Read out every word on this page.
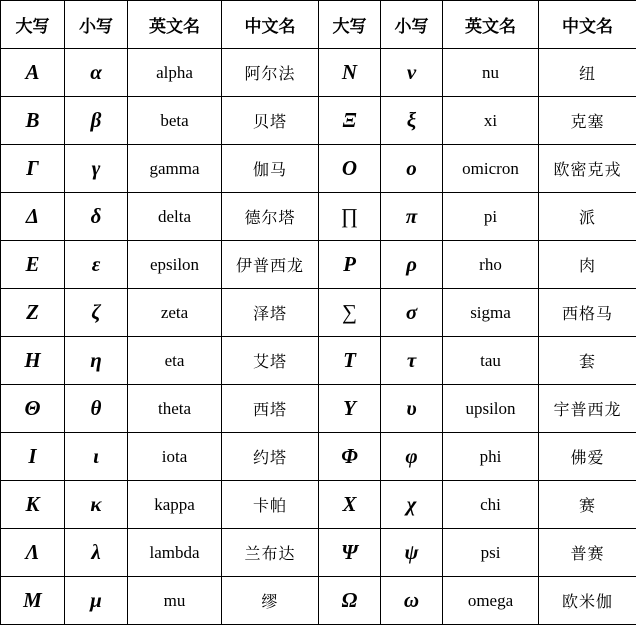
大写	小写	英文名	中文名	大写	小写	英文名	中文名
Α	α	alpha	阿尔法	Ν	ν	nu	纽
Β	β	beta	贝塔	Ξ	ξ	xi	克塞
Γ	γ	gamma	伽马	Ο	ο	omicron	欧密克戎
Δ	δ	delta	德尔塔	∏	π	pi	派
Ε	ε	epsilon	伊普西龙	Ρ	ρ	rho	肉
Ζ	ζ	zeta	泽塔	∑	σ	sigma	西格马
Η	η	eta	艾塔	Τ	τ	tau	套
Θ	θ	theta	西塔	Υ	υ	upsilon	宇普西龙
Ι	ι	iota	约塔	Φ	φ	phi	佛爱
Κ	κ	kappa	卡帕	Χ	χ	chi	赛
Λ	λ	lambda	兰布达	Ψ	ψ	psi	普赛
Μ	μ	mu	缪	Ω	ω	omega	欧米伽
